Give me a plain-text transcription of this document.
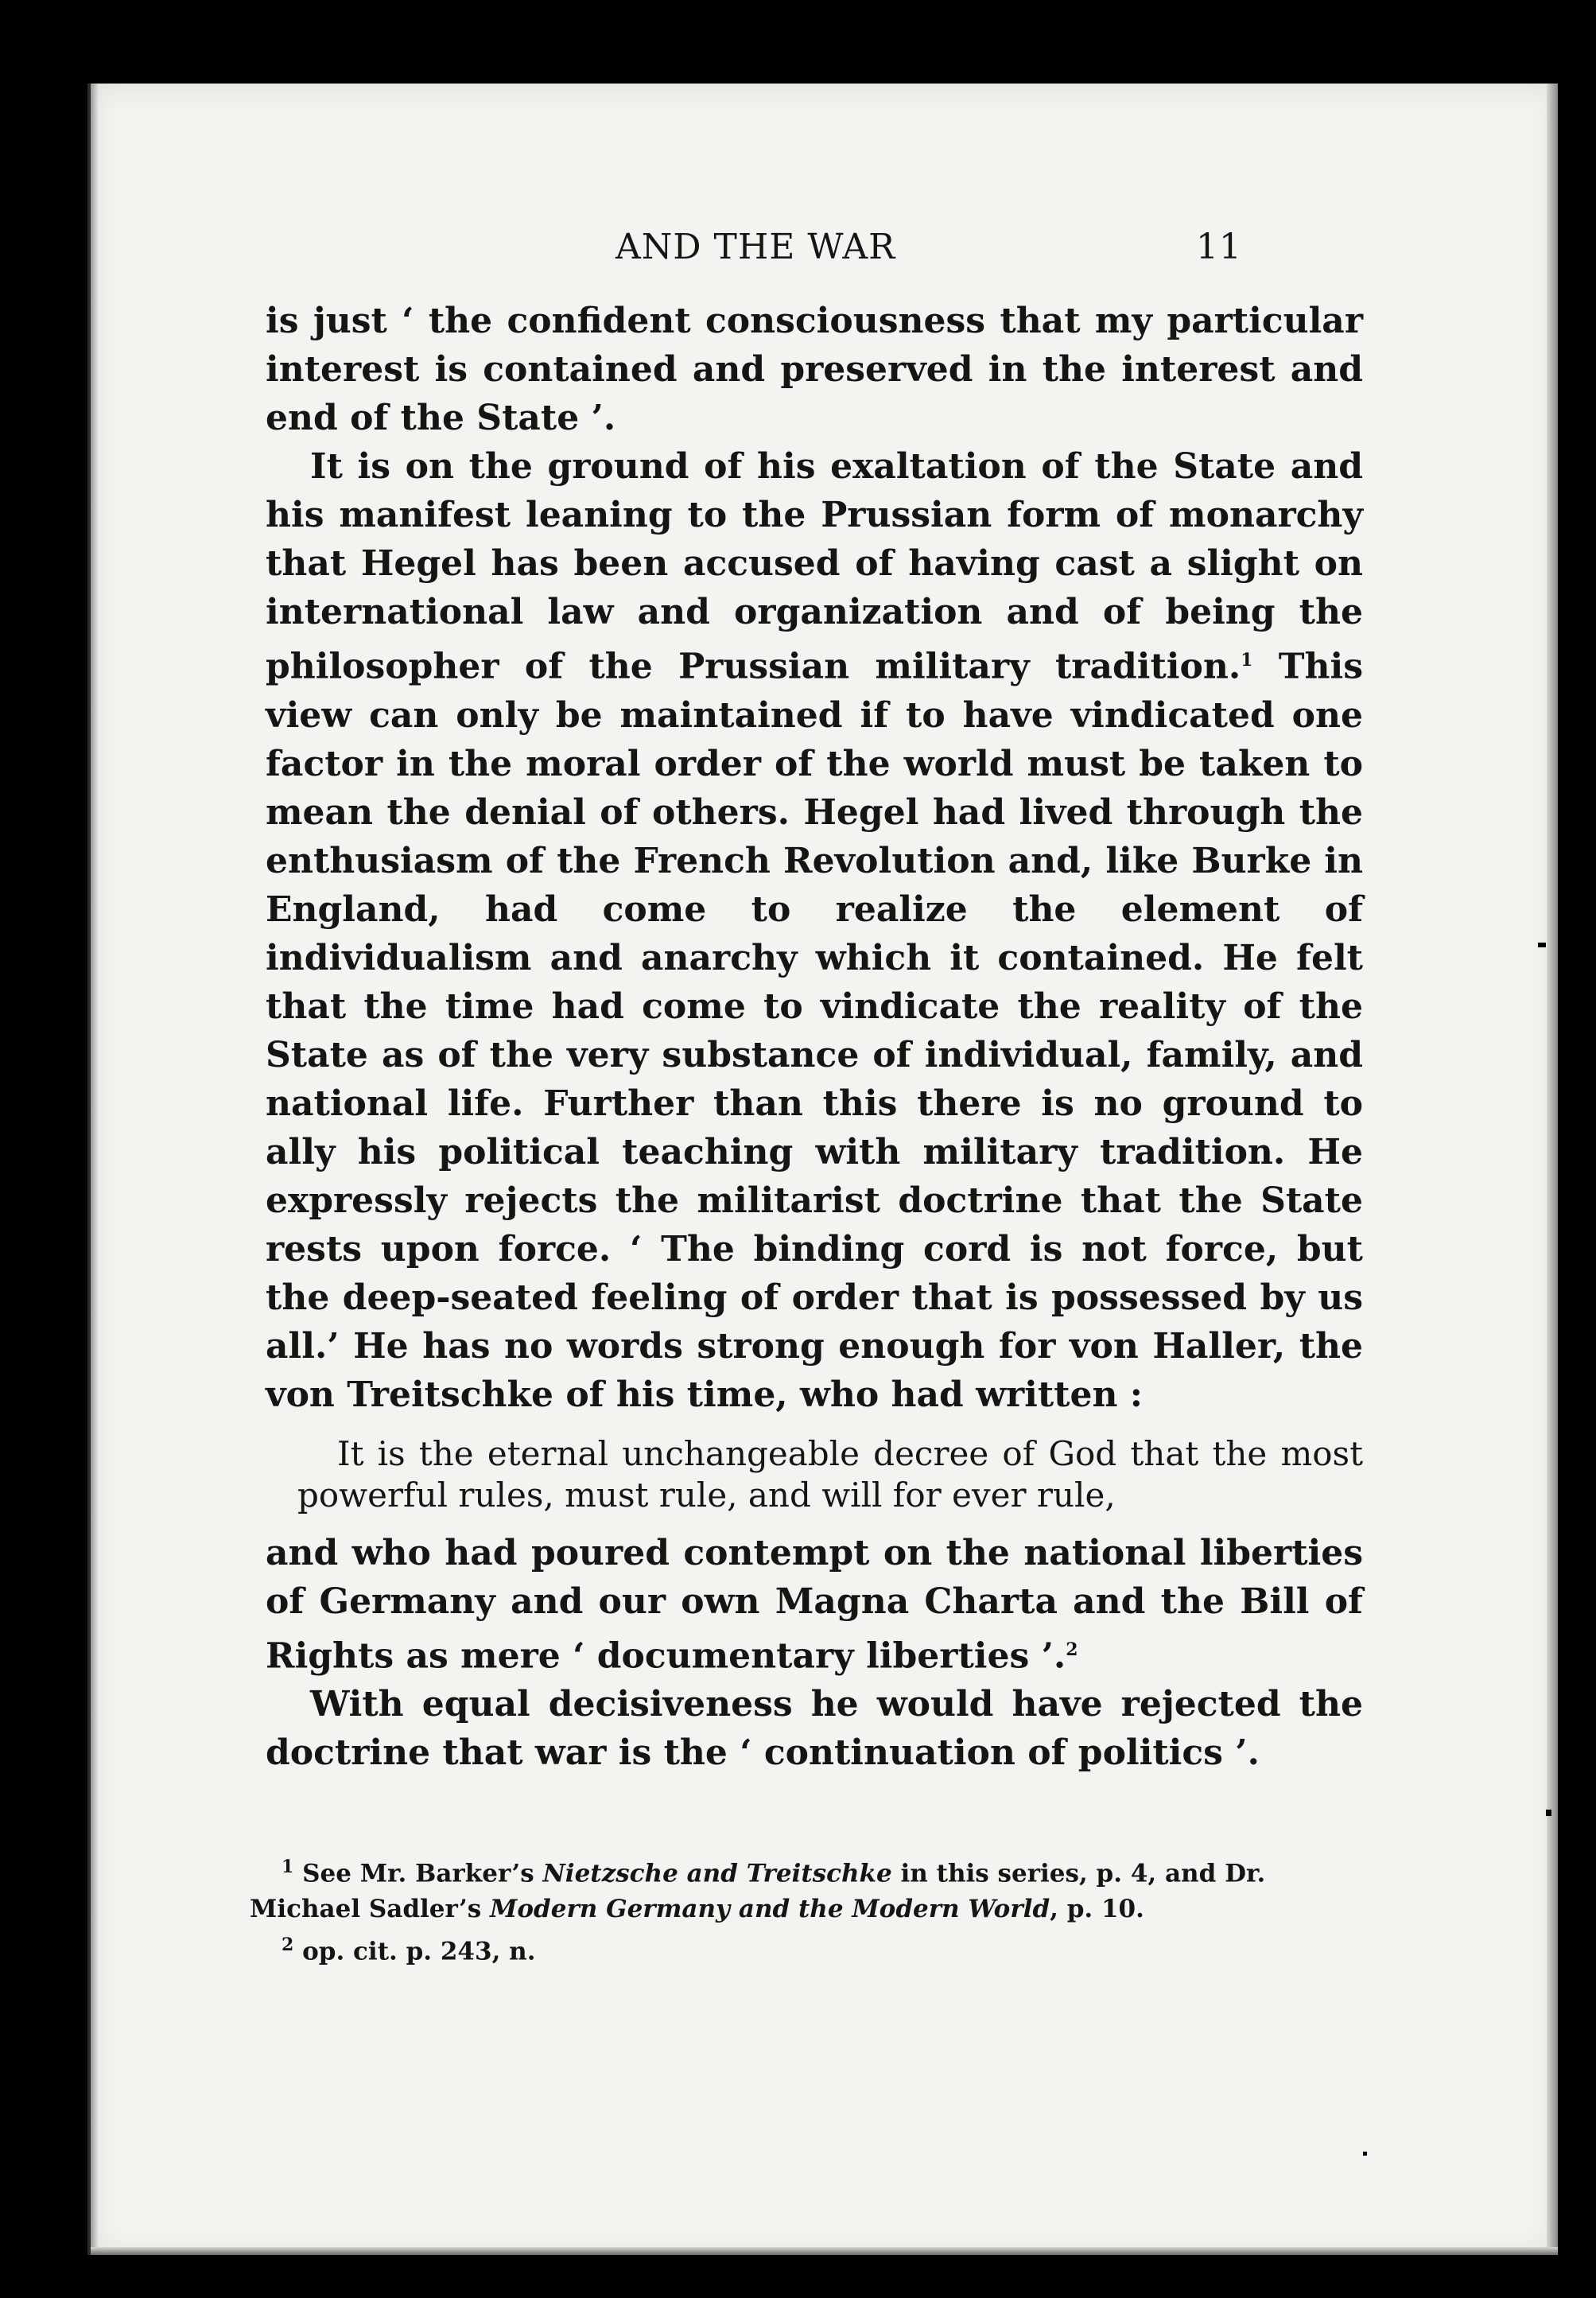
AND THE WAR	11

is just ‘ the confident consciousness that my particular interest is contained and preserved in the interest and end of the State ’.

It is on the ground of his exaltation of the State and his manifest leaning to the Prussian form of monarchy that Hegel has been accused of having cast a slight on international law and organization and of being the philosopher of the Prussian military tradition.$^1$ This view can only be maintained if to have vindicated one factor in the moral order of the world must be taken to mean the denial of others. Hegel had lived through the enthusiasm of the French Revolution and, like Burke in England, had come to realize the element of individualism and anarchy which it contained. He felt that the time had come to vindicate the reality of the State as of the very substance of individual, family, and national life. Further than this there is no ground to ally his political teaching with military tradition. He expressly rejects the militarist doctrine that the State rests upon force. ‘ The binding cord is not force, but the deep-seated feeling of order that is possessed by us all.’ He has no words strong enough for von Haller, the von Treitschke of his time, who had written :

It is the eternal unchangeable decree of God that the most powerful rules, must rule, and will for ever rule,

and who had poured contempt on the national liberties of Germany and our own Magna Charta and the Bill of Rights as mere ‘ documentary liberties ’.$^2$

With equal decisiveness he would have rejected the doctrine that war is the ‘ continuation of politics ’.

$^1$ See Mr. Barker’s Nietzsche and Treitschke in this series, p. 4, and Dr. Michael Sadler’s Modern Germany and the Modern World, p. 10.

$^2$ op. cit. p. 243, n.
